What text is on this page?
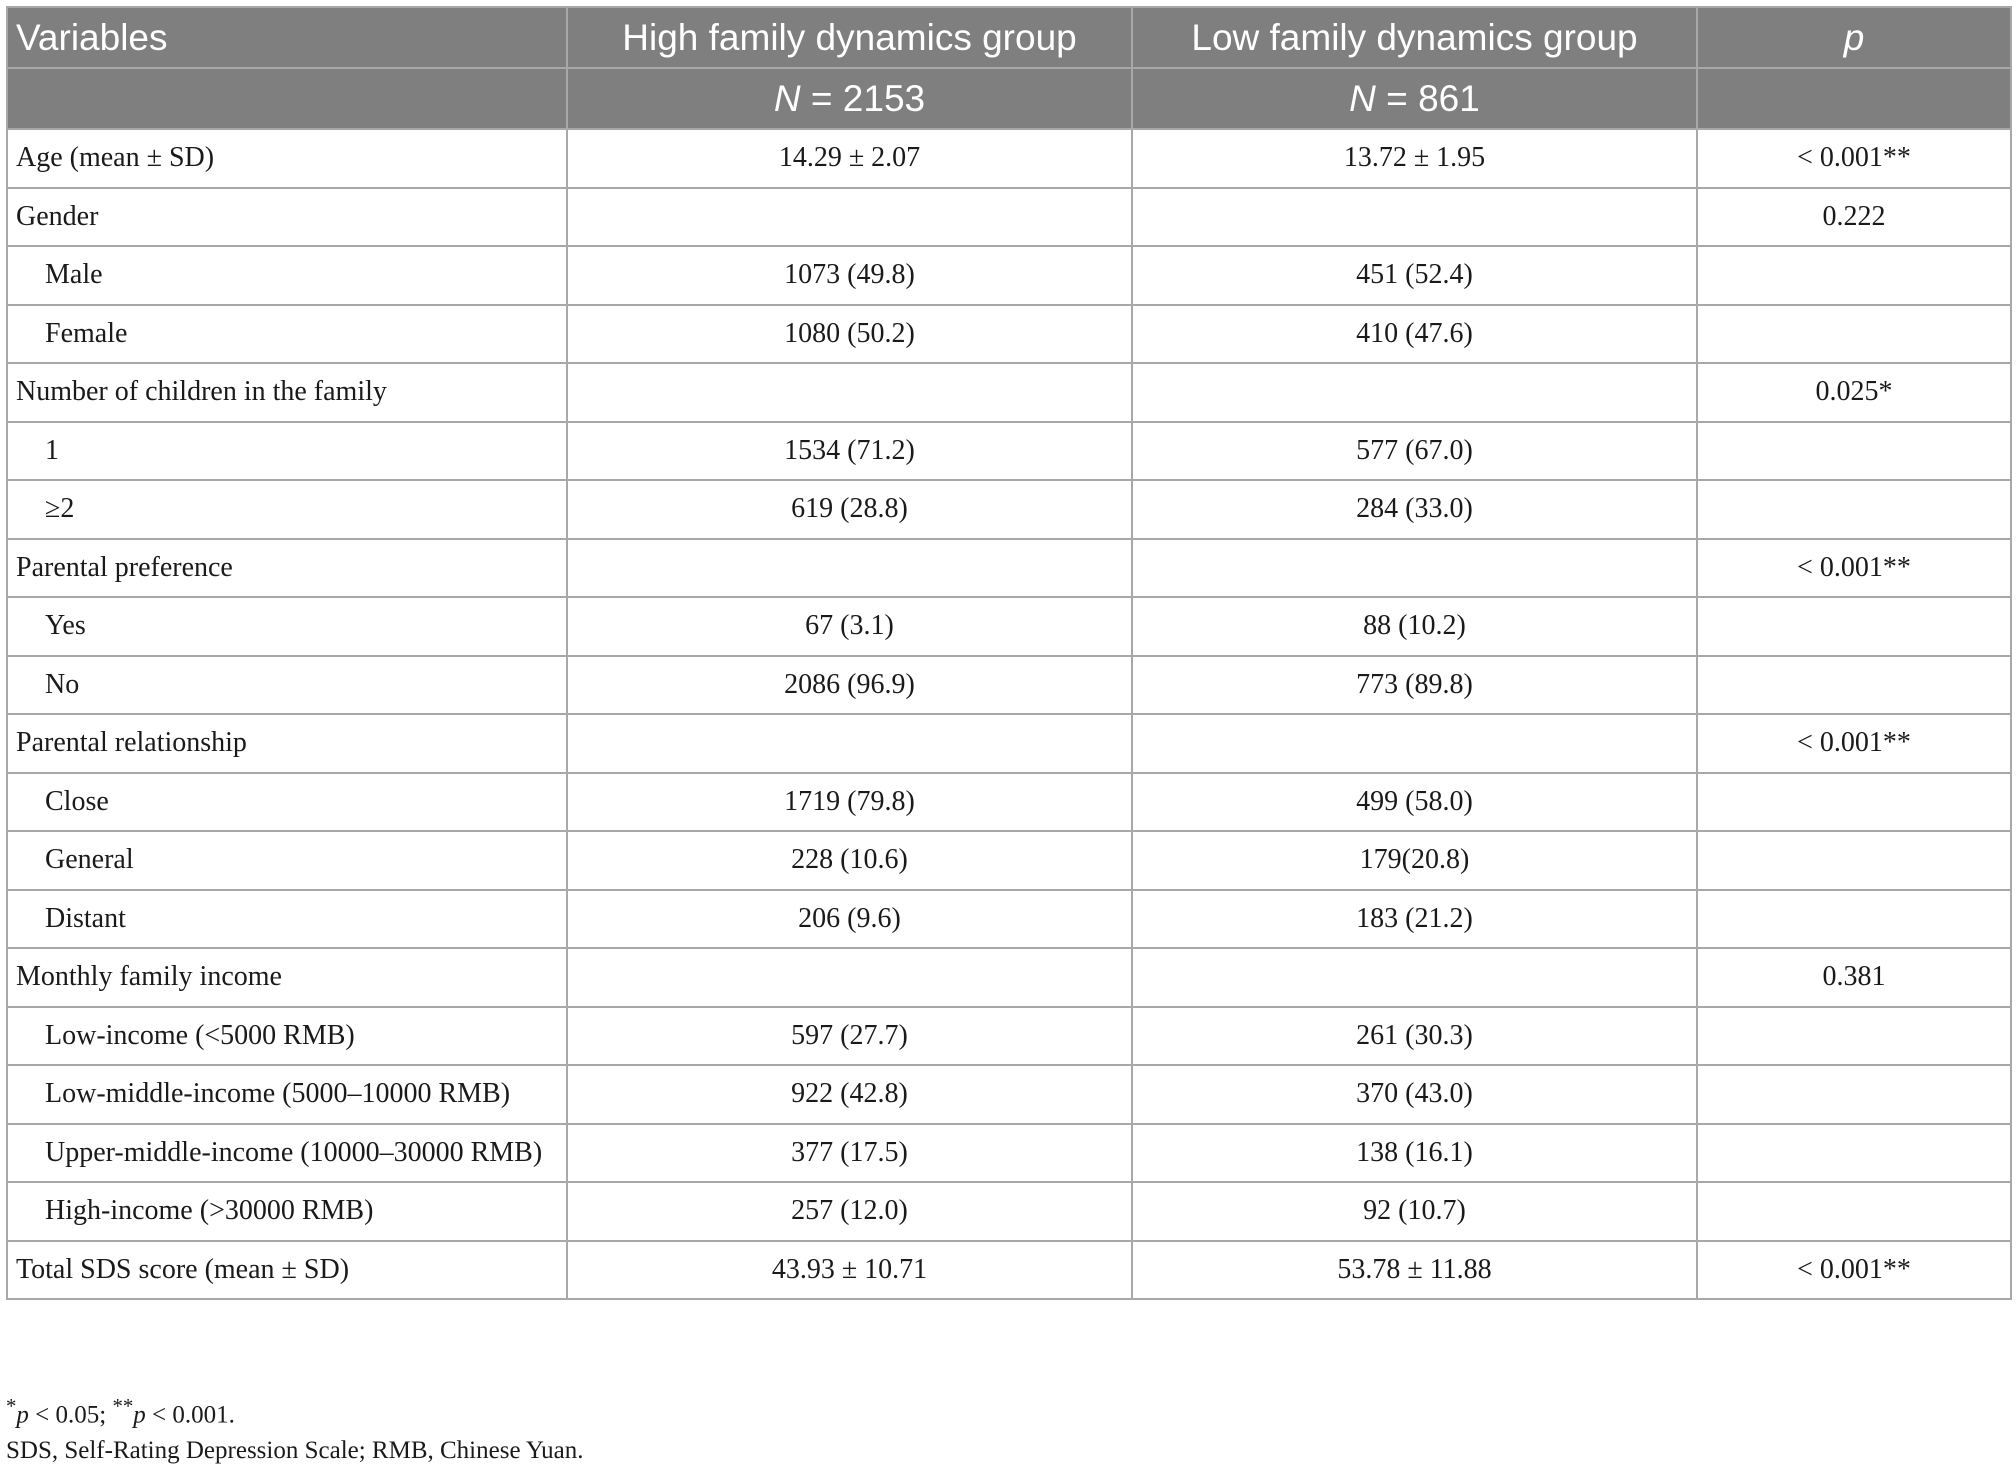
Variables	High family dynamics group	Low family dynamics group	p
	N = 2153	N = 861	
Age (mean ± SD)	14.29 ± 2.07	13.72 ± 1.95	< 0.001**
Gender			0.222
Male	1073 (49.8)	451 (52.4)	
Female	1080 (50.2)	410 (47.6)	
Number of children in the family			0.025*
1	1534 (71.2)	577 (67.0)	
≥2	619 (28.8)	284 (33.0)	
Parental preference			< 0.001**
Yes	67 (3.1)	88 (10.2)	
No	2086 (96.9)	773 (89.8)	
Parental relationship			< 0.001**
Close	1719 (79.8)	499 (58.0)	
General	228 (10.6)	179(20.8)	
Distant	206 (9.6)	183 (21.2)	
Monthly family income			0.381
Low-income (<5000 RMB)	597 (27.7)	261 (30.3)	
Low-middle-income (5000–10000 RMB)	922 (42.8)	370 (43.0)	
Upper-middle-income (10000–30000 RMB)	377 (17.5)	138 (16.1)	
High-income (>30000 RMB)	257 (12.0)	92 (10.7)	
Total SDS score (mean ± SD)	43.93 ± 10.71	53.78 ± 11.88	< 0.001**
*p < 0.05; **p < 0.001.
SDS, Self-Rating Depression Scale; RMB, Chinese Yuan.
